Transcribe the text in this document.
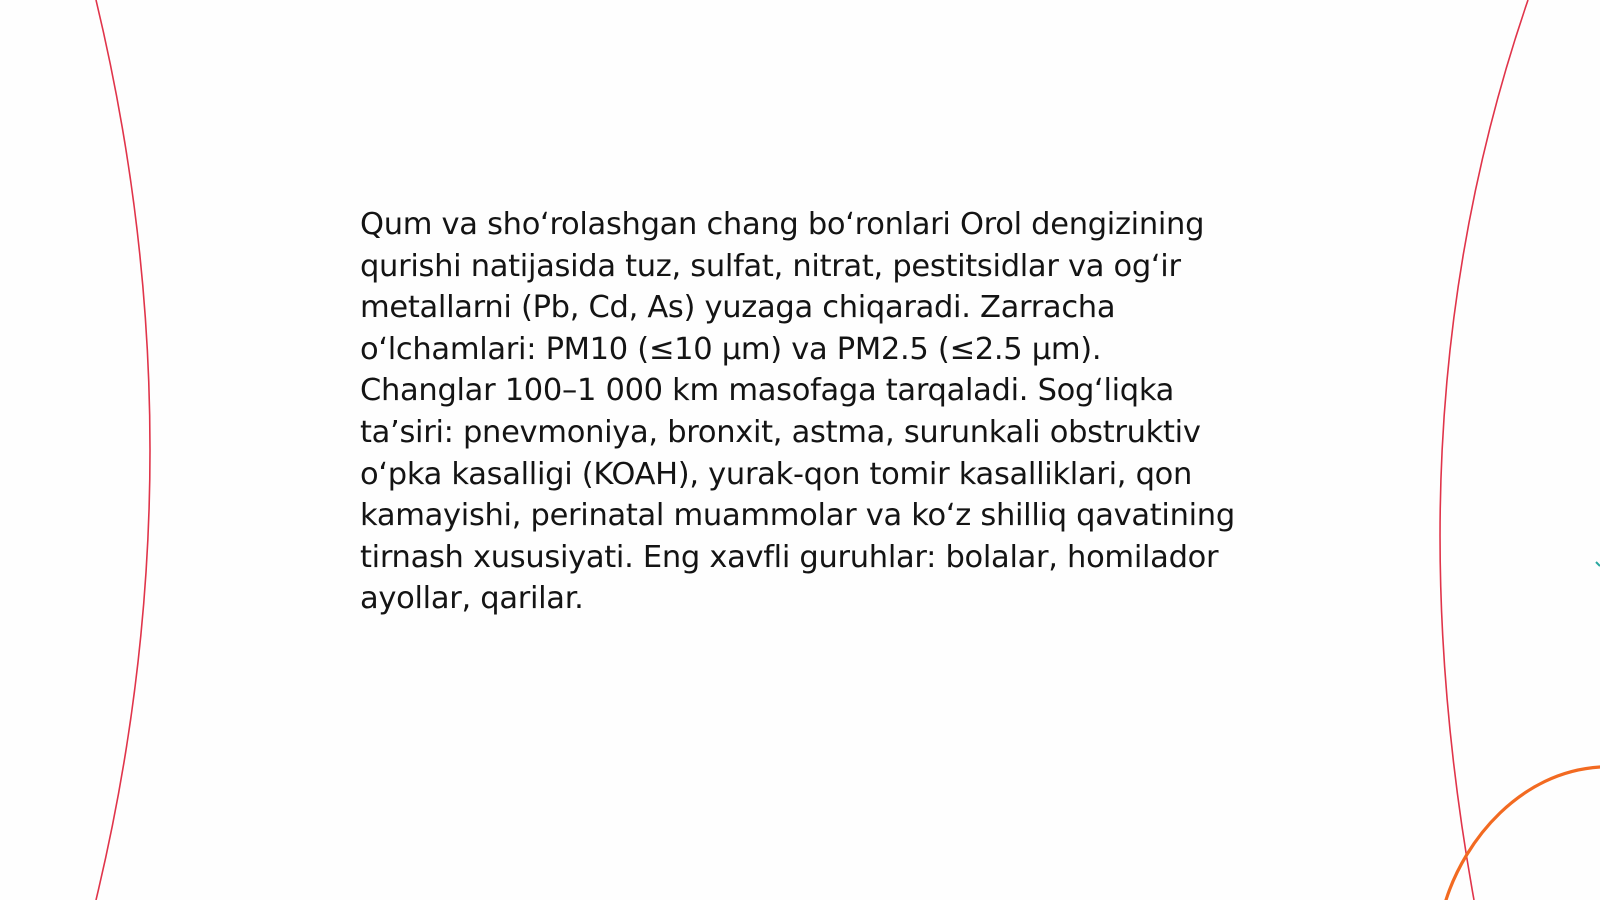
Qum va shoʻrolashgan chang boʻronlari Orol dengizining qurishi natijasida tuz, sulfat, nitrat, pestitsidlar va ogʻir metallarni (Pb, Cd, As) yuzaga chiqaradi. Zarracha oʻlchamlari: PM10 (≤10 μm) va PM2.5 (≤2.5 μm). Changlar 100–1 000 km masofaga tarqaladi. Sogʻliqka taʼsiri: pnevmoniya, bronxit, astma, surunkali obstruktiv oʻpka kasalligi (KOAH), yurak-qon tomir kasalliklari, qon kamayishi, perinatal muammolar va koʻz shilliq qavatining tirnash xususiyati. Eng xavfli guruhlar: bolalar, homilador ayollar, qarilar.
